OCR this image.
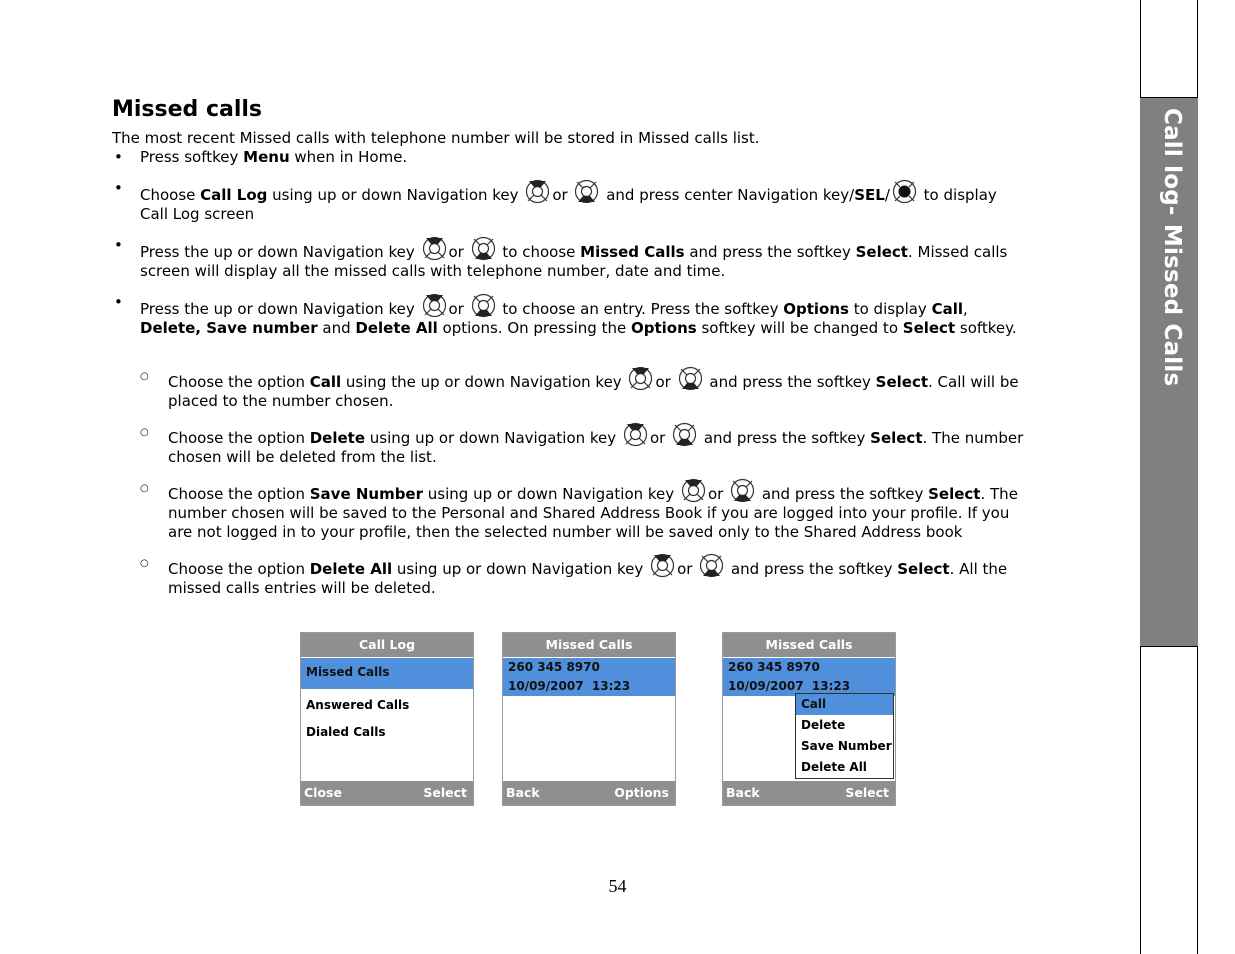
Call log- Missed Calls
Missed calls

The most recent Missed calls with telephone number will be stored in Missed calls list.

• Press softkey Menu when in Home.
• Choose Call Log using up or down Navigation key or  and press center Navigation key/SEL/ to display Call Log screen
• Press the up or down Navigation key or  to choose Missed Calls and press the softkey Select. Missed calls screen will display all the missed calls with telephone number, date and time.
• Press the up or down Navigation key or  to choose an entry. Press the softkey Options to display Call, Delete, Save number and Delete All options. On pressing the Options softkey will be changed to Select softkey.
○ Choose the option Call using the up or down Navigation key or  and press the softkey Select. Call will be placed to the number chosen.
○ Choose the option Delete using up or down Navigation key or  and press the softkey Select. The number chosen will be deleted from the list.
○ Choose the option Save Number using up or down Navigation key or  and press the softkey Select. The number chosen will be saved to the Personal and Shared Address Book if you are logged into your profile. If you are not logged in to your profile, then the selected number will be saved only to the Shared Address book
○ Choose the option Delete All using up or down Navigation key or  and press the softkey Select. All the missed calls entries will be deleted.
Call Log
Missed Calls
Answered Calls
Dialed Calls
Close	Select
Missed Calls
260 345 8970
10/09/2007  13:23
Back	Options
Missed Calls
260 345 8970
10/09/2007  13:23
Call
Delete
Save Number
Delete All
Back	Select
54
